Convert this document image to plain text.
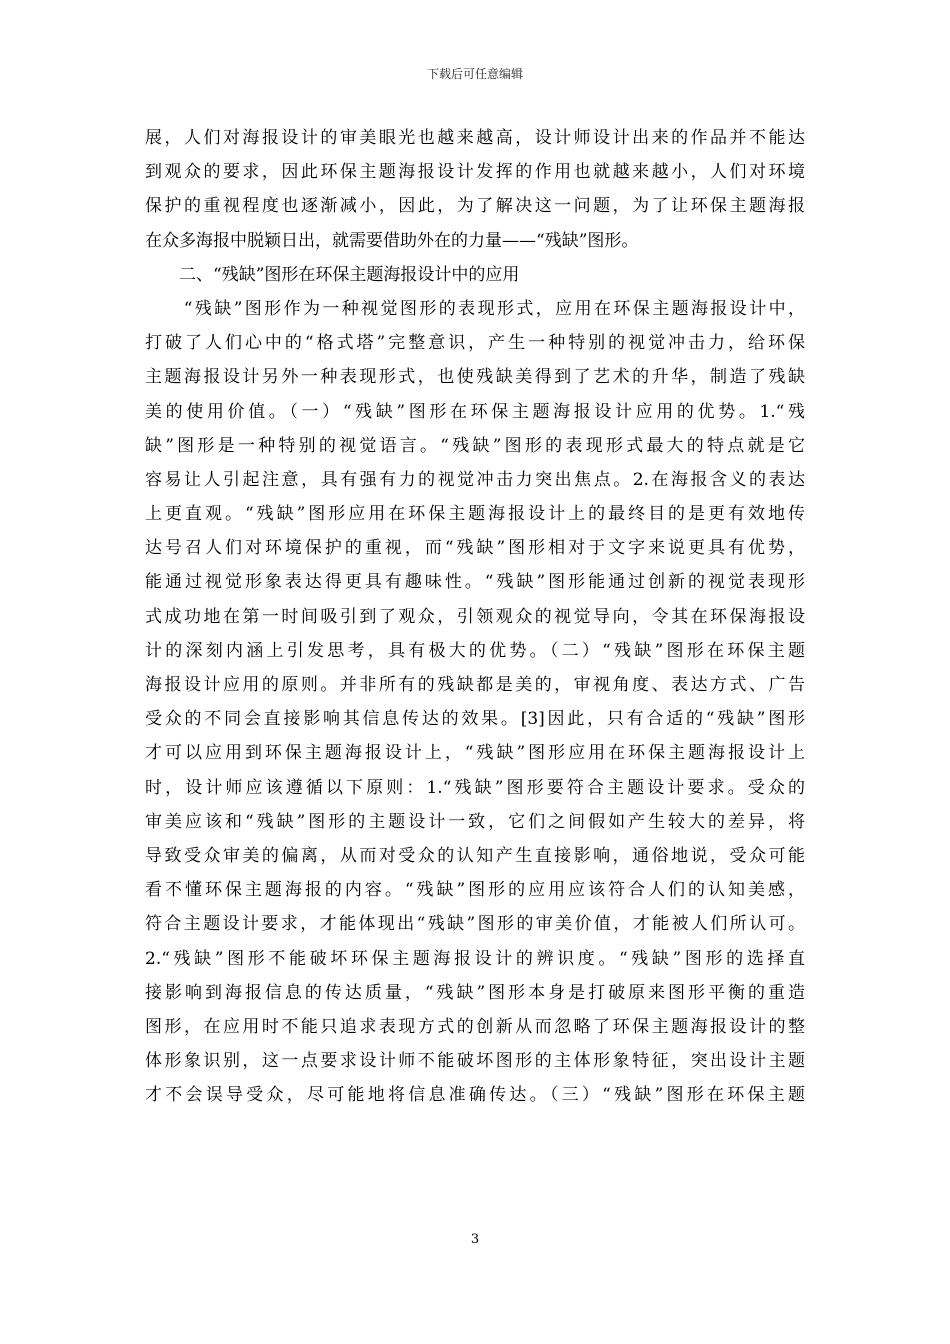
下载后可任意编辑
展，人们对海报设计的审美眼光也越来越高，设计师设计出来的作品并不能达
到观众的要求，因此环保主题海报设计发挥的作用也就越来越小，人们对环境
保护的重视程度也逐渐减小，因此，为了解决这一问题，为了让环保主题海报
在众多海报中脱颖日出，就需要借助外在的力量——“残缺”图形。
　　二、“残缺”图形在环保主题海报设计中的应用
　　“残缺”图形作为一种视觉图形的表现形式，应用在环保主题海报设计中，
打破了人们心中的“格式塔”完整意识，产生一种特别的视觉冲击力，给环保
主题海报设计另外一种表现形式，也使残缺美得到了艺术的升华，制造了残缺
美的使用价值。（一）“残缺”图形在环保主题海报设计应用的优势。1.“残
缺”图形是一种特别的视觉语言。“残缺”图形的表现形式最大的特点就是它
容易让人引起注意，具有强有力的视觉冲击力突出焦点。2.在海报含义的表达
上更直观。“残缺”图形应用在环保主题海报设计上的最终目的是更有效地传
达号召人们对环境保护的重视，而“残缺”图形相对于文字来说更具有优势，
能通过视觉形象表达得更具有趣味性。“残缺”图形能通过创新的视觉表现形
式成功地在第一时间吸引到了观众，引领观众的视觉导向，令其在环保海报设
计的深刻内涵上引发思考，具有极大的优势。（二）“残缺”图形在环保主题
海报设计应用的原则。并非所有的残缺都是美的，审视角度、表达方式、广告
受众的不同会直接影响其信息传达的效果。[3]因此，只有合适的“残缺”图形
才可以应用到环保主题海报设计上，“残缺”图形应用在环保主题海报设计上
时，设计师应该遵循以下原则：1.“残缺”图形要符合主题设计要求。受众的
审美应该和“残缺”图形的主题设计一致，它们之间假如产生较大的差异，将
导致受众审美的偏离，从而对受众的认知产生直接影响，通俗地说，受众可能
看不懂环保主题海报的内容。“残缺”图形的应用应该符合人们的认知美感，
符合主题设计要求，才能体现出“残缺”图形的审美价值，才能被人们所认可。
2.“残缺”图形不能破坏环保主题海报设计的辨识度。“残缺”图形的选择直
接影响到海报信息的传达质量，“残缺”图形本身是打破原来图形平衡的重造
图形，在应用时不能只追求表现方式的创新从而忽略了环保主题海报设计的整
体形象识别，这一点要求设计师不能破坏图形的主体形象特征，突出设计主题
才不会误导受众，尽可能地将信息准确传达。（三）“残缺”图形在环保主题
3
